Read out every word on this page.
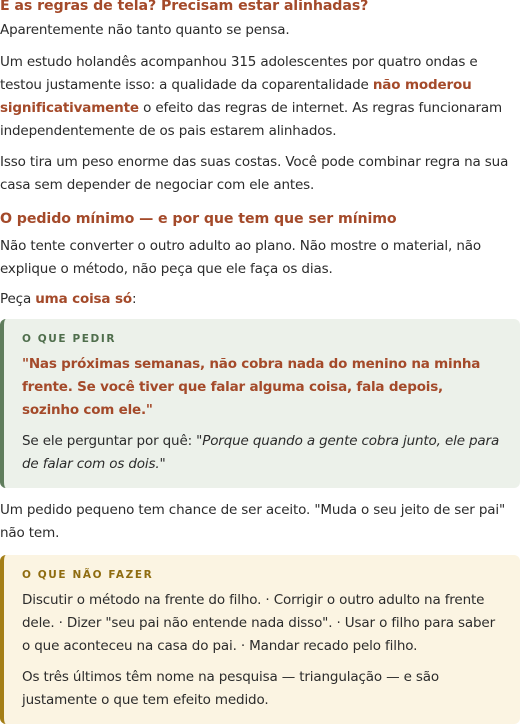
E as regras de tela? Precisam estar alinhadas?

Aparentemente não tanto quanto se pensa.

Um estudo holandês acompanhou 315 adolescentes por quatro ondas e testou justamente isso: a qualidade da coparentalidade não moderou significativamente o efeito das regras de internet. As regras funcionaram independentemente de os pais estarem alinhados.

Isso tira um peso enorme das suas costas. Você pode combinar regra na sua casa sem depender de negociar com ele antes.

O pedido mínimo — e por que tem que ser mínimo

Não tente converter o outro adulto ao plano. Não mostre o material, não explique o método, não peça que ele faça os dias.

Peça uma coisa só:

O QUE PEDIR
"Nas próximas semanas, não cobra nada do menino na minha frente. Se você tiver que falar alguma coisa, fala depois, sozinho com ele."

Se ele perguntar por quê: "Porque quando a gente cobra junto, ele para de falar com os dois."

Um pedido pequeno tem chance de ser aceito. "Muda o seu jeito de ser pai" não tem.

O QUE NÃO FAZER

Discutir o método na frente do filho. · Corrigir o outro adulto na frente dele. · Dizer "seu pai não entende nada disso". · Usar o filho para saber o que aconteceu na casa do pai. · Mandar recado pelo filho.

Os três últimos têm nome na pesquisa — triangulação — e são justamente o que tem efeito medido.
